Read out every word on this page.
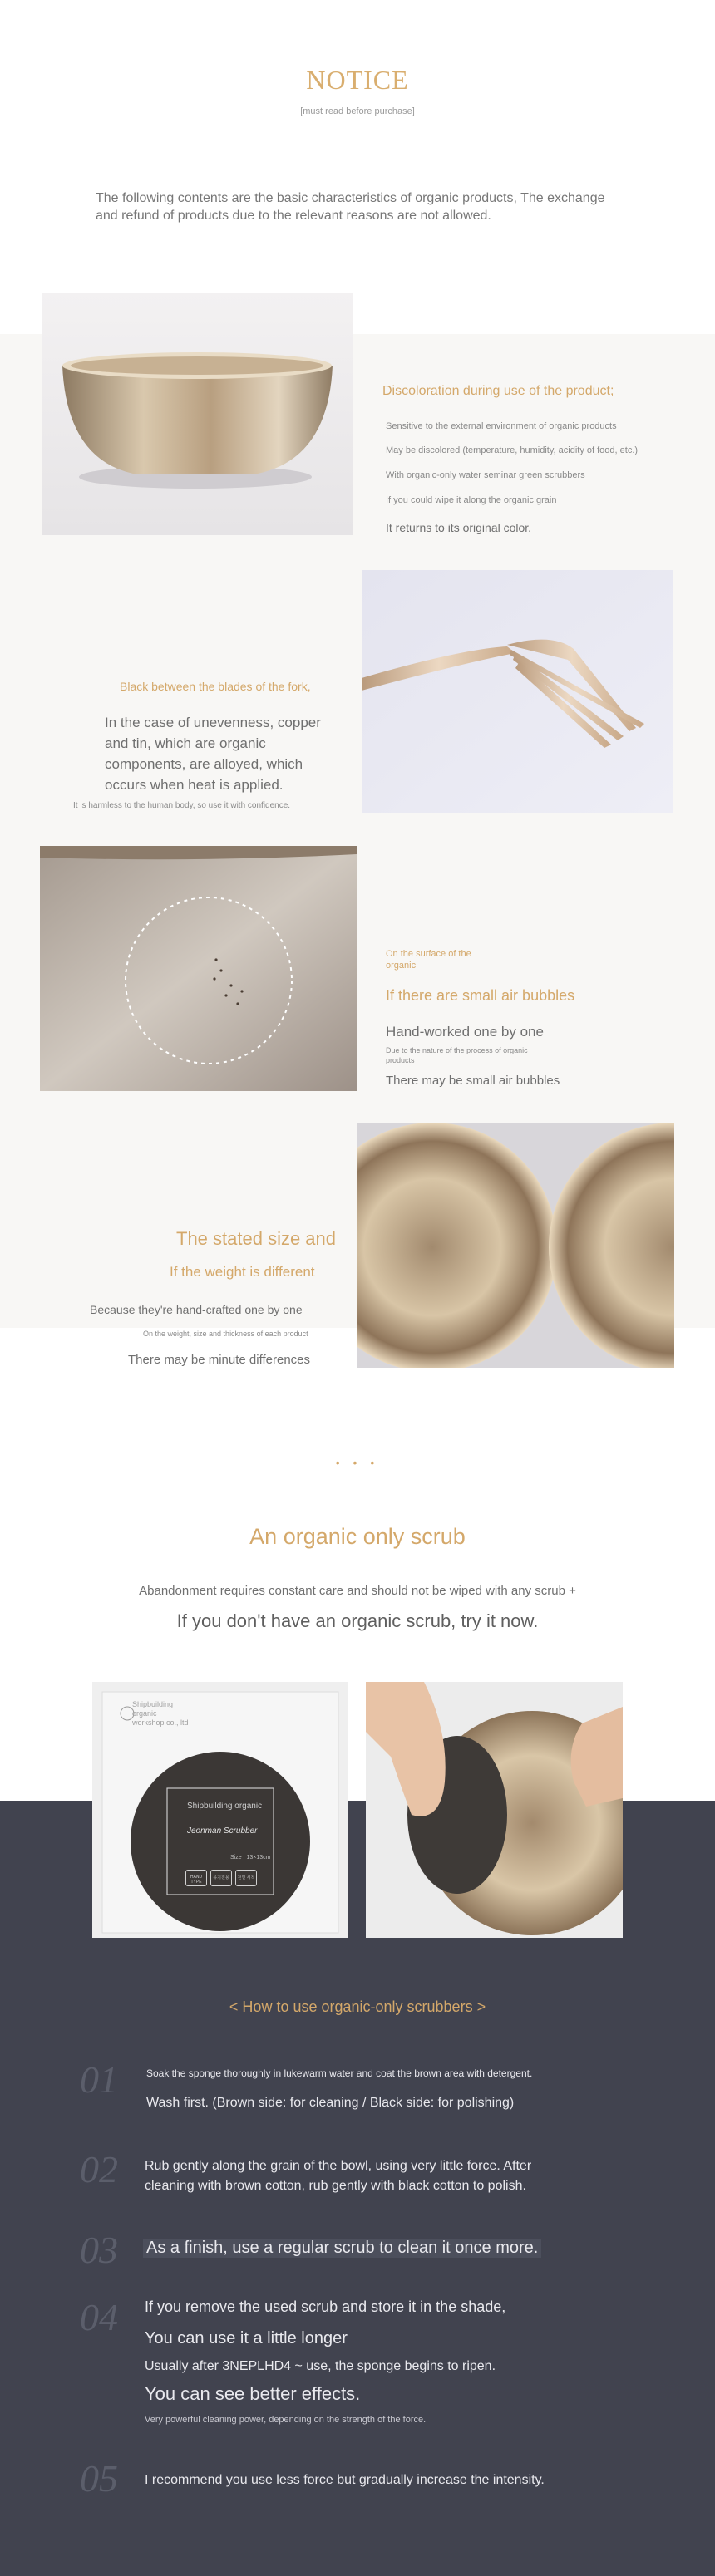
NOTICE
[must read before purchase]
The following contents are the basic characteristics of organic products, The exchange and refund of products due to the relevant reasons are not allowed.
Discoloration during use of the product;
Sensitive to the external environment of organic products
May be discolored (temperature, humidity, acidity of food, etc.)
With organic-only water seminar green scrubbers
If you could wipe it along the organic grain
It returns to its original color.
Black between the blades of the fork,
In the case of unevenness, copper and tin, which are organic components, are alloyed, which occurs when heat is applied.
It is harmless to the human body, so use it with confidence.
On the surface of the organic
If there are small air bubbles
Hand-worked one by one
Due to the nature of the process of organic products
There may be small air bubbles
The stated size and
If the weight is different
Because they're hand-crafted one by one
On the weight, size and thickness of each product
There may be minute differences
• • •
An organic only scrub
Abandonment requires constant care and should not be wiped with any scrub +
If you don't have an organic scrub, try it now.
Shipbuilding organic workshop co., ltd
Shipbuilding organic
Jeonman Scrubber
Size : 13×13cm
HAND TYPE
유기전용	천연 세척
< How to use organic-only scrubbers >
01	Soak the sponge thoroughly in lukewarm water and coat the brown area with detergent.
Wash first. (Brown side: for cleaning / Black side: for polishing)
02 Rub gently along the grain of the bowl, using very little force. After
cleaning with brown cotton, rub gently with black cotton to polish.
03 As a finish, use a regular scrub to clean it once more.
04 If you remove the used scrub and store it in the shade,
You can use it a little longer
Usually after 3NEPLHD4 ~ use, the sponge begins to ripen.
You can see better effects.
Very powerful cleaning power, depending on the strength of the force.
05 I recommend you use less force but gradually increase the intensity.
